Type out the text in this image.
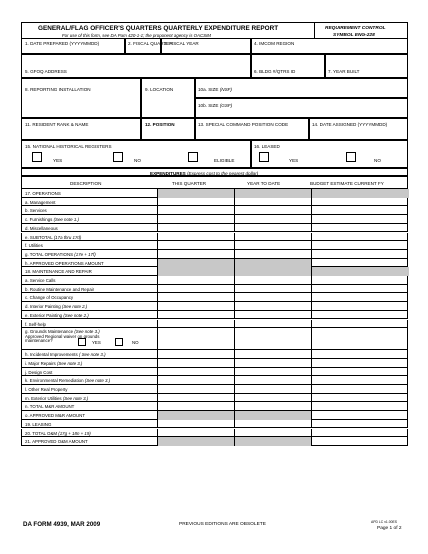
GENERAL/FLAG OFFICER'S QUARTERS QUARTERLY EXPENDITURE REPORT
For use of this form, see DA Pam 420-1-1; the proponent agency is OACSIM
REQUIREMENT CONTROL
SYMBOL ENG-228
1. DATE PREPARED (YYYYMMDD)	2. FISCAL QUARTER
3. FISCAL YEAR	4. IMCOM REGION
5. GFOQ ADDRESS	6. BLDG #/QTRS ID	7. YEAR BUILT
8. REPORTING INSTALLATION	9. LOCATION	10a. SIZE (NSF)
10b. SIZE (GSF)
11. RESIDENT RANK & NAME	12. POSITION	13. SPECIAL COMMAND POSITION CODE	14. DATE ASSIGNED (YYYYMMDD)
15. NATIONAL HISTORICAL REGISTERS
YES	NO	ELIGIBLE
16. LEASED
YES	NO
EXPENDITURES (Express cost to the nearest dollar)
DESCRIPTION	THIS QUARTER	YEAR TO DATE	BUDGET ESTIMATE CURRENT FY
17. OPERATIONS
a. Management
b. Services
c. Furnishings (See note 1.)
d. Miscellaneous
e. SUBTOTAL (17a thru 17d)
f. Utilities
g. TOTAL OPERATIONS (17e + 17f)
h. APPROVED OPERATIONS AMOUNT
18. MAINTENANCE AND REPAIR
a. Service Calls
b. Routine Maintenance and Repair
c. Change of Occupancy
d. Interior Painting (See note 2.)
e. Exterior Painting (See note 2.)
f. Self-help
g. Grounds Maintenance (See note 3.)
Approved Regional waiver on grounds
maintenance?	YES	NO
h. Incidental Improvements ( See note 3.)
i. Major Repairs (See note 3.)
j. Design Cost
k. Environmental Remediation (See note 3.)
l. Other Real Property
m. Exterior Utilities (See note 3.)
n. TOTAL M&R AMOUNT
o. APPROVED M&R AMOUNT
19. LEASING
20. TOTAL O&M (17g + 18n + 19)
21. APPROVED O&M AMOUNT
DA FORM 4939, MAR 2009	PREVIOUS EDITIONS ARE OBSOLETE	APD LC v1.00ES
Page 1 of 2
